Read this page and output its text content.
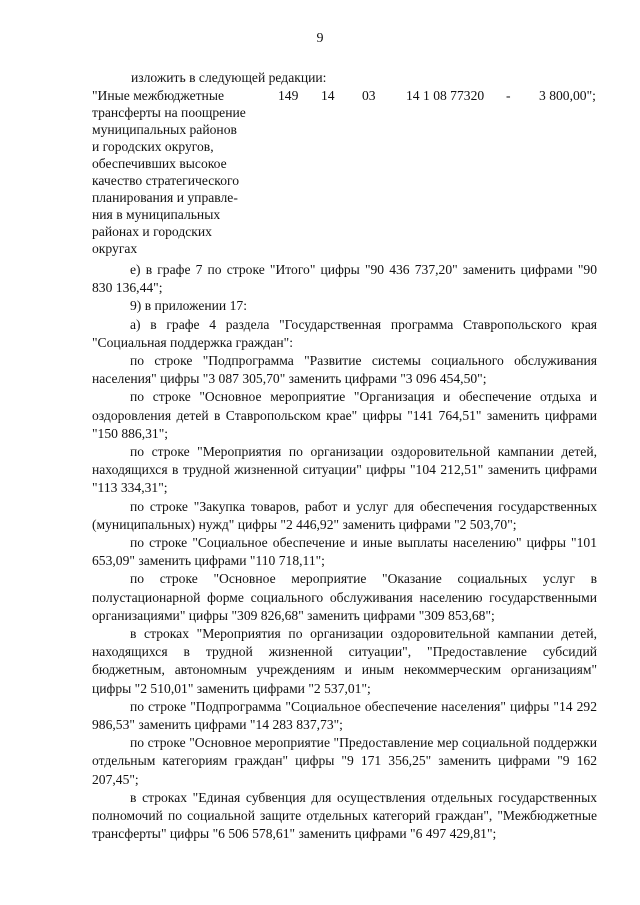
9
изложить в следующей редакции:
"Иные межбюджетные
трансферты на поощрение
муниципальных районов
и городских округов,
обеспечивших высокое
качество стратегического
планирования и управле-
ния в муниципальных
районах и городских
округах
149 14 03 14 1 08 77320 - 3 800,00";

е) в графе 7 по строке "Итого" цифры "90 436 737,20" заменить цифрами "90 830 136,44";

9) в приложении 17:

а) в графе 4 раздела "Государственная программа Ставропольского края "Социальная поддержка граждан":

по строке "Подпрограмма "Развитие системы социального обслуживания населения" цифры "3 087 305,70" заменить цифрами "3 096 454,50";

по строке "Основное мероприятие "Организация и обеспечение отдыха и оздоровления детей в Ставропольском крае" цифры "141 764,51" заменить цифрами "150 886,31";

по строке "Мероприятия по организации оздоровительной кампании детей, находящихся в трудной жизненной ситуации" цифры "104 212,51" заменить цифрами "113 334,31";

по строке "Закупка товаров, работ и услуг для обеспечения государственных (муниципальных) нужд" цифры "2 446,92" заменить цифрами "2 503,70";

по строке "Социальное обеспечение и иные выплаты населению" цифры "101 653,09" заменить цифрами "110 718,11";

по строке "Основное мероприятие "Оказание социальных услуг в полустационарной форме социального обслуживания населению государственными организациями" цифры "309 826,68" заменить цифрами "309 853,68";

в строках "Мероприятия по организации оздоровительной кампании детей, находящихся в трудной жизненной ситуации", "Предоставление субсидий бюджетным, автономным учреждениям и иным некоммерческим организациям" цифры "2 510,01" заменить цифрами "2 537,01";

по строке "Подпрограмма "Социальное обеспечение населения" цифры "14 292 986,53" заменить цифрами "14 283 837,73";

по строке "Основное мероприятие "Предоставление мер социальной поддержки отдельным категориям граждан" цифры "9 171 356,25" заменить цифрами "9 162 207,45";

в строках "Единая субвенция для осуществления отдельных государственных полномочий по социальной защите отдельных категорий граждан", "Межбюджетные трансферты" цифры "6 506 578,61" заменить цифрами "6 497 429,81";
